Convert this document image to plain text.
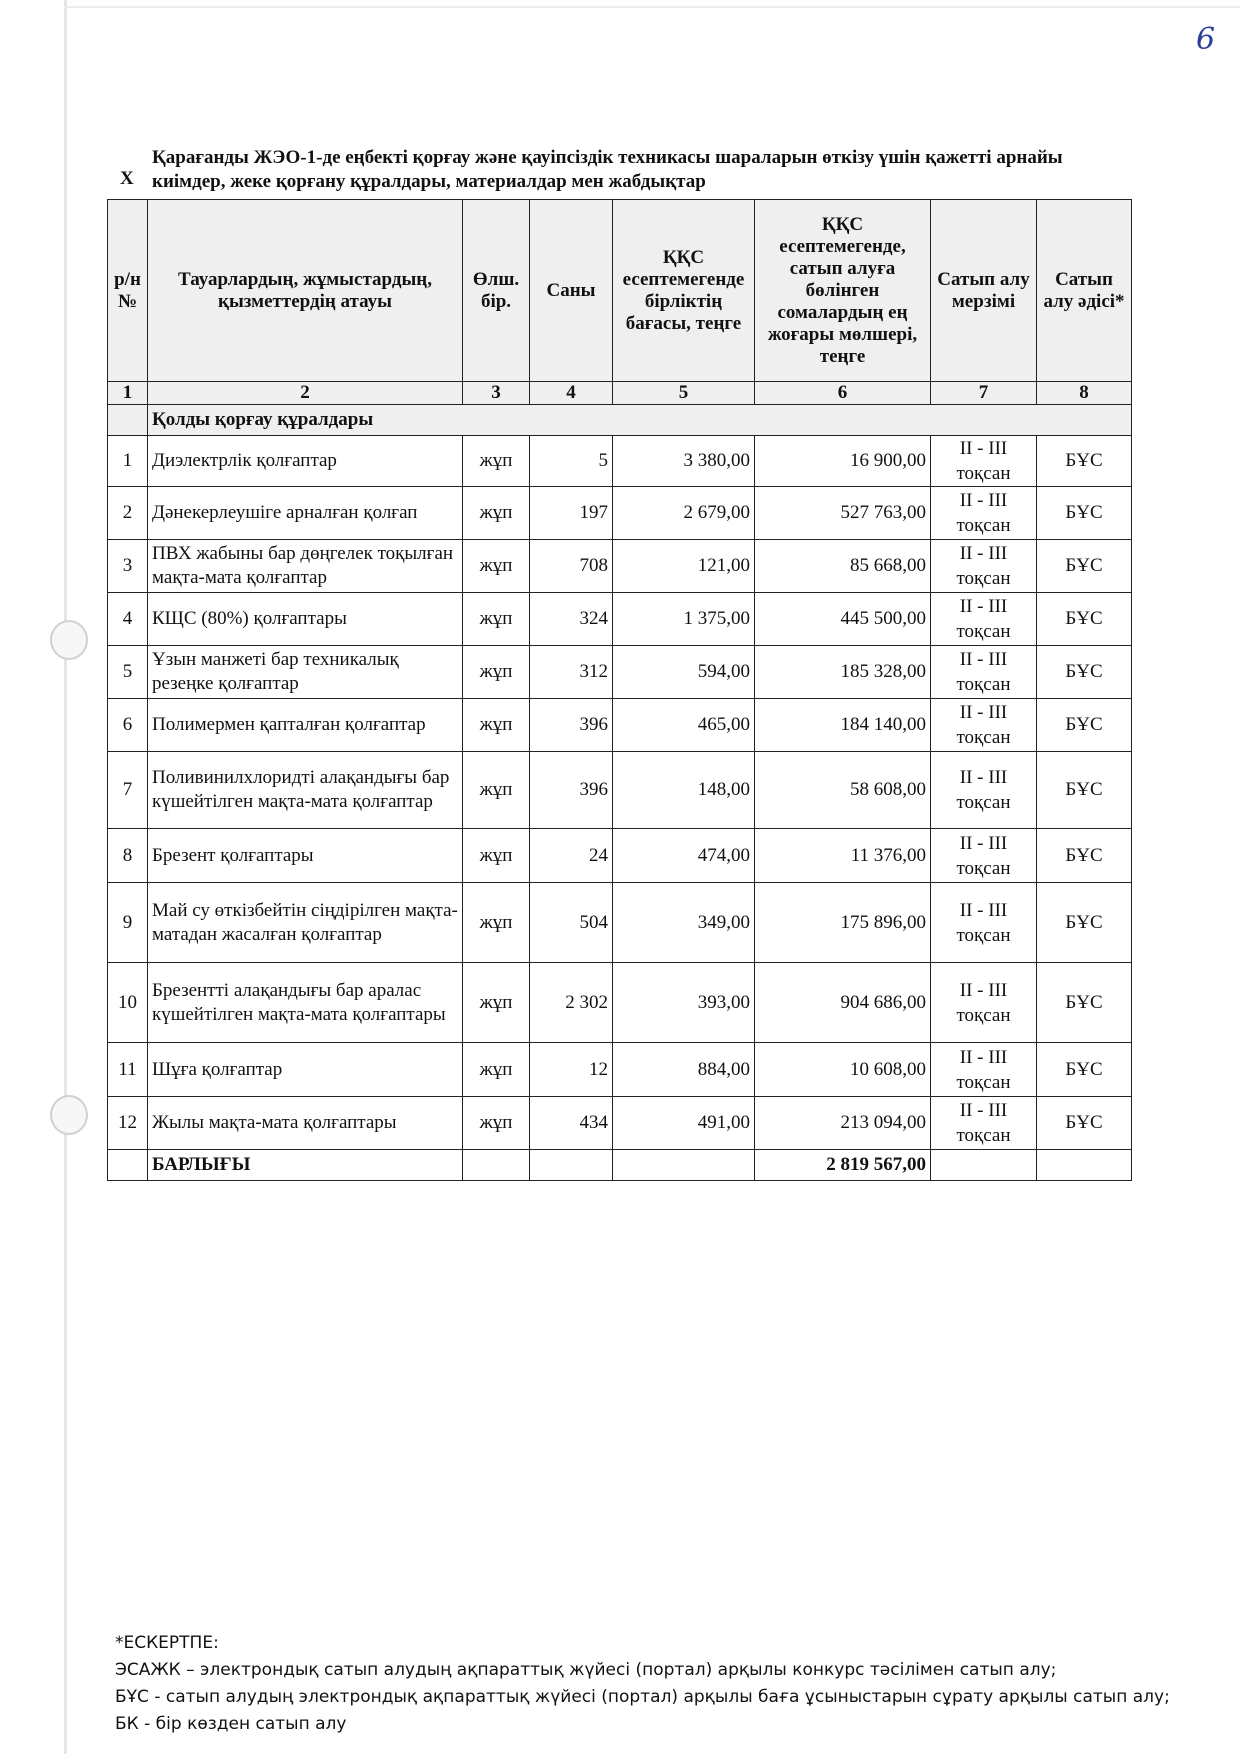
6
Х
Қарағанды ЖЭО-1-де еңбекті қорғау және қауіпсіздік техникасы шараларын өткізу үшін қажетті арнайы киімдер, жеке қорғану құралдары, материалдар мен жабдықтар
р/н №	Тауарлардың, жұмыстардың, қызметтердің атауы	Өлш. бір.	Саны	ҚҚС есептемегенде бірліктің бағасы, теңге	ҚҚС есептемегенде, сатып алуға бөлінген сомалардың ең жоғары мөлшері, теңге	Сатып алу мерзімі	Сатып алу әдісі*
1	2	3	4	5	6	7	8
	Қолды қорғау құралдары						
1	Диэлектрлік қолғаптар	жұп	5	3 380,00	16 900,00	II - III тоқсан	БҰС
2	Дәнекерлеушіге арналған қолғап	жұп	197	2 679,00	527 763,00	II - III тоқсан	БҰС
3	ПВХ жабыны бар дөңгелек тоқылған мақта-мата қолғаптар	жұп	708	121,00	85 668,00	II - III тоқсан	БҰС
4	КЩС (80%) қолғаптары	жұп	324	1 375,00	445 500,00	II - III тоқсан	БҰС
5	Ұзын манжеті бар техникалық резеңке қолғаптар	жұп	312	594,00	185 328,00	II - III тоқсан	БҰС
6	Полимермен қапталған қолғаптар	жұп	396	465,00	184 140,00	II - III тоқсан	БҰС
7	Поливинилхлоридті алақандығы бар күшейтілген мақта-мата қолғаптар	жұп	396	148,00	58 608,00	II - III тоқсан	БҰС
8	Брезент қолғаптары	жұп	24	474,00	11 376,00	II - III тоқсан	БҰС
9	Май су өткізбейтін сіңдірілген мақта-матадан жасалған қолғаптар	жұп	504	349,00	175 896,00	II - III тоқсан	БҰС
10	Брезентті алақандығы бар аралас күшейтілген мақта-мата қолғаптары	жұп	2 302	393,00	904 686,00	II - III тоқсан	БҰС
11	Шұға қолғаптар	жұп	12	884,00	10 608,00	II - III тоқсан	БҰС
12	Жылы мақта-мата қолғаптары	жұп	434	491,00	213 094,00	II - III тоқсан	БҰС
	БАРЛЫҒЫ				2 819 567,00		
*ЕСКЕРТПЕ:
ЭСАЖК – электрондық сатып алудың ақпараттық жүйесі (портал) арқылы конкурс тәсілімен сатып алу;
БҰС - сатып алудың электрондық ақпараттық жүйесі (портал) арқылы баға ұсыныстарын сұрату арқылы сатып алу;
БК - бір көзден сатып алу
